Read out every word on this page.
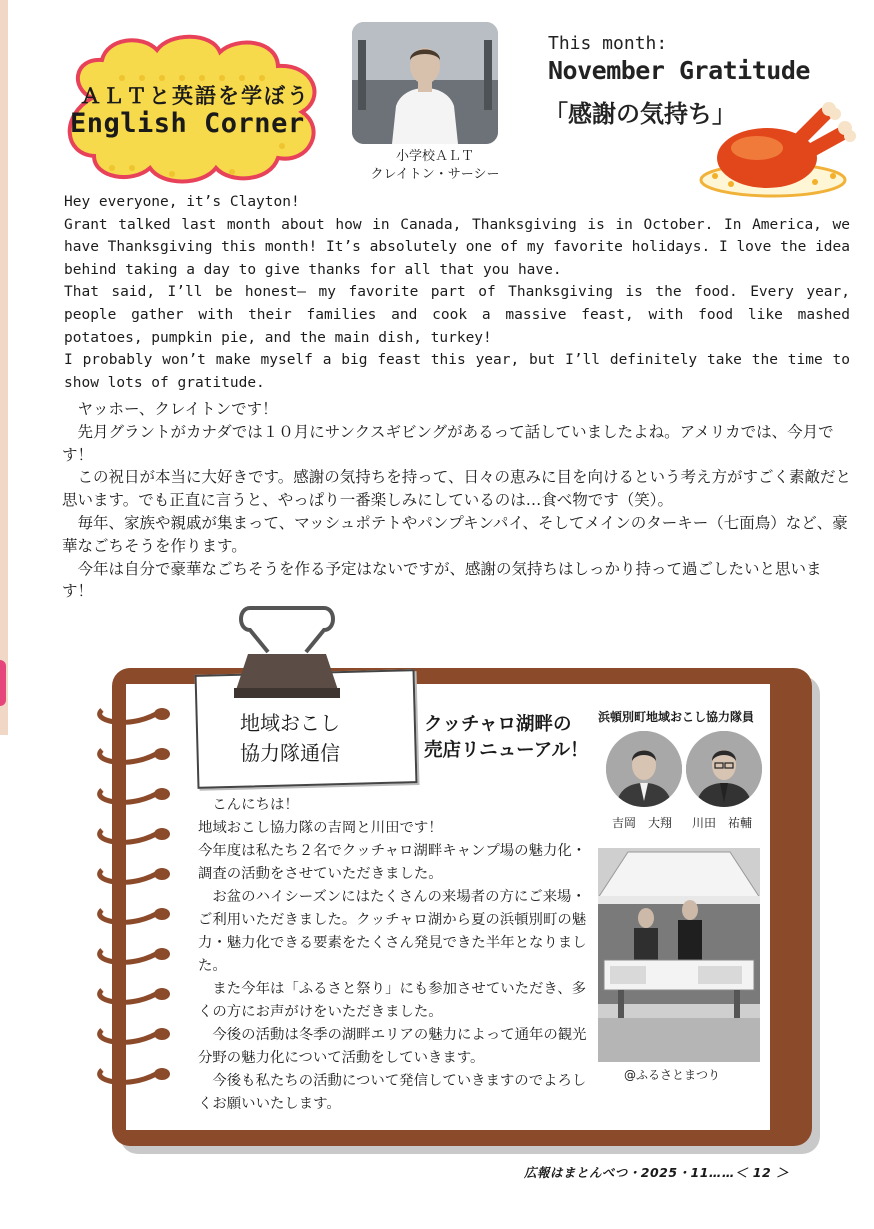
ＡＬＴと英語を学ぼう
English Corner
小学校ＡＬＴ
クレイトン・サーシー
This month:
November Gratitude
「感謝の気持ち」

Hey everyone, it’s Clayton!

Grant talked last month about how in Canada, Thanksgiving is in October. In America, we have Thanksgiving this month! It’s absolutely one of my favorite holidays. I love the idea behind taking a day to give thanks for all that you have.

That said, I’ll be honest― my favorite part of Thanksgiving is the food. Every year, people gather with their families and cook a massive feast, with food like mashed potatoes, pumpkin pie, and the main dish, turkey!

I probably won’t make myself a big feast this year, but I’ll definitely take the time to show lots of gratitude.

ヤッホー、クレイトンです！

先月グラントがカナダでは１０月にサンクスギビングがあるって話していましたよね。アメリカでは、今月です！

この祝日が本当に大好きです。感謝の気持ちを持って、日々の恵みに目を向けるという考え方がすごく素敵だと思います。でも正直に言うと、やっぱり一番楽しみにしているのは…食べ物です（笑）。

毎年、家族や親戚が集まって、マッシュポテトやパンプキンパイ、そしてメインのターキー（七面鳥）など、豪華なごちそうを作ります。

今年は自分で豪華なごちそうを作る予定はないですが、感謝の気持ちはしっかり持って過ごしたいと思います！

地域おこし
協力隊通信
クッチャロ湖畔の
売店リニューアル！
浜頓別町地域おこし協力隊員
吉岡　大翔 川田　祐輔
@ふるさとまつり

こんにちは！

地域おこし協力隊の吉岡と川田です！

今年度は私たち２名でクッチャロ湖畔キャンプ場の魅力化・調査の活動をさせていただきました。

お盆のハイシーズンにはたくさんの来場者の方にご来場・ご利用いただきました。クッチャロ湖から夏の浜頓別町の魅力・魅力化できる要素をたくさん発見できた半年となりました。

また今年は「ふるさと祭り」にも参加させていただき、多くの方にお声がけをいただきました。

今後の活動は冬季の湖畔エリアの魅力によって通年の観光分野の魅力化について活動をしていきます。

今後も私たちの活動について発信していきますのでよろしくお願いいたします。

広報はまとんべつ・2025・11……＜ 12 ＞
